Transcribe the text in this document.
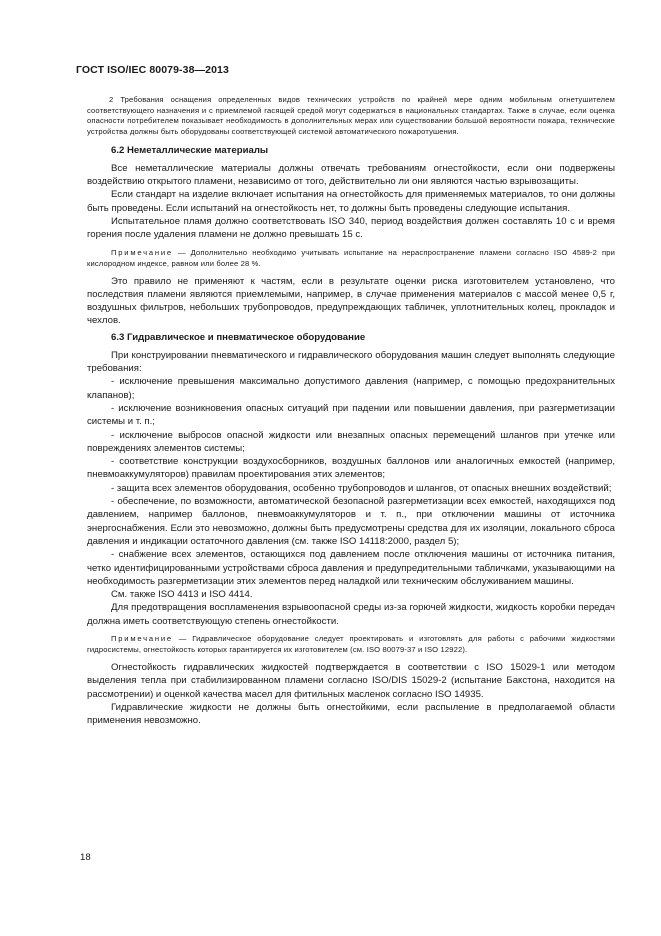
ГОСТ ISO/IEC 80079-38—2013

2 Требования оснащения определенных видов технических устройств по крайней мере одним мобильным огнетушителем соответствующего назначения и с приемлемой гасящей средой могут содержаться в национальных стандартах. Также в случае, если оценка опасности потребителем показывает необходимость в дополнительных мерах или существовании большой вероятности пожара, технические устройства должны быть оборудованы соответствующей системой автоматического пожаротушения.

6.2 Неметаллические материалы

Все неметаллические материалы должны отвечать требованиям огнестойкости, если они подвержены воздействию открытого пламени, независимо от того, действительно ли они являются частью взрывозащиты.

Если стандарт на изделие включает испытания на огнестойкость для применяемых материалов, то они должны быть проведены. Если испытаний на огнестойкость нет, то должны быть проведены следующие испытания.

Испытательное пламя должно соответствовать ISO 340, период воздействия должен составлять 10 с и время горения после удаления пламени не должно превышать 15 с.

Примечание — Дополнительно необходимо учитывать испытание на нераспространение пламени согласно ISO 4589-2 при кислородном индексе, равном или более 28 %.

Это правило не применяют к частям, если в результате оценки риска изготовителем установлено, что последствия пламени являются приемлемыми, например, в случае применения материалов с массой менее 0,5 г, воздушных фильтров, небольших трубопроводов, предупреждающих табличек, уплотнительных колец, прокладок и чехлов.

6.3 Гидравлическое и пневматическое оборудование

При конструировании пневматического и гидравлического оборудования машин следует выполнять следующие требования:

- исключение превышения максимально допустимого давления (например, с помощью предохранительных клапанов);

- исключение возникновения опасных ситуаций при падении или повышении давления, при разгерметизации системы и т. п.;

- исключение выбросов опасной жидкости или внезапных опасных перемещений шлангов при утечке или повреждениях элементов системы;

- соответствие конструкции воздухосборников, воздушных баллонов или аналогичных емкостей (например, пневмоаккумуляторов) правилам проектирования этих элементов;

- защита всех элементов оборудования, особенно трубопроводов и шлангов, от опасных внешних воздействий;

- обеспечение, по возможности, автоматической безопасной разгерметизации всех емкостей, находящихся под давлением, например баллонов, пневмоаккумуляторов и т. п., при отключении машины от источника энергоснабжения. Если это невозможно, должны быть предусмотрены средства для их изоляции, локального сброса давления и индикации остаточного давления (см. также ISO 14118:2000, раздел 5);

- снабжение всех элементов, остающихся под давлением после отключения машины от источника питания, четко идентифицированными устройствами сброса давления и предупредительными табличками, указывающими на необходимость разгерметизации этих элементов перед наладкой или техническим обслуживанием машины.

См. также ISO 4413 и ISO 4414.

Для предотвращения воспламенения взрывоопасной среды из-за горючей жидкости, жидкость коробки передач должна иметь соответствующую степень огнестойкости.

Примечание — Гидравлическое оборудование следует проектировать и изготовлять для работы с рабочими жидкостями гидросистемы, огнестойкость которых гарантируется их изготовителем (см. ISO 80079-37 и ISO 12922).

Огнестойкость гидравлических жидкостей подтверждается в соответствии с ISO 15029-1 или методом выделения тепла при стабилизированном пламени согласно ISO/DIS 15029-2 (испытание Бакстона, находится на рассмотрении) и оценкой качества масел для фитильных масленок согласно ISO 14935.

Гидравлические жидкости не должны быть огнестойкими, если распыление в предполагаемой области применения невозможно.

18
